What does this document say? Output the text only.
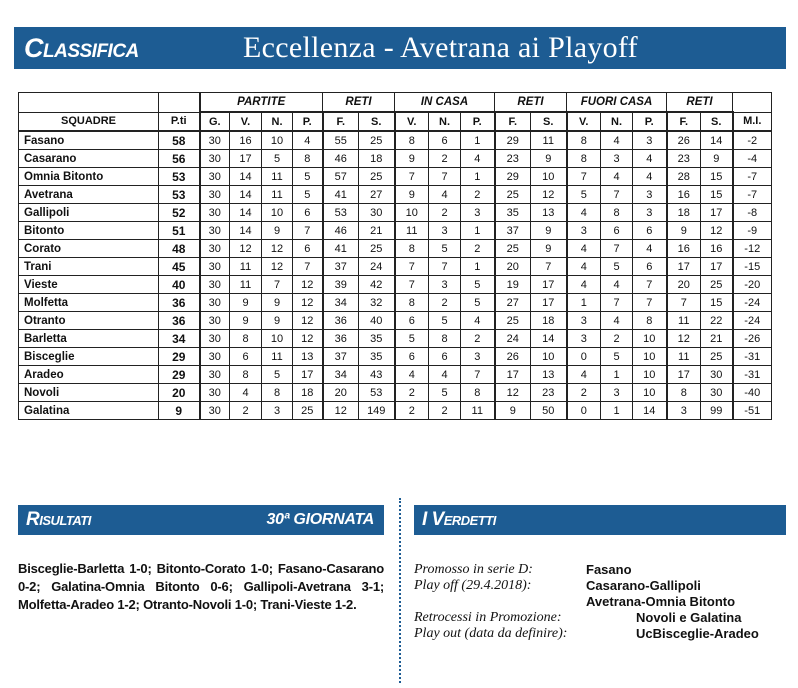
Classifica	Eccellenza - Avetrana ai Playoff
		PARTITE				RETI		IN CASA			RETI		FUORI CASA			RETI		
SQUADRE	P.ti	G.	V.	N.	P.	F.	S.	V.	N.	P.	F.	S.	V.	N.	P.	F.	S.	M.I.
Fasano	58	30	16	10	4	55	25	8	6	1	29	11	8	4	3	26	14	-2
Casarano	56	30	17	5	8	46	18	9	2	4	23	9	8	3	4	23	9	-4
Omnia Bitonto	53	30	14	11	5	57	25	7	7	1	29	10	7	4	4	28	15	-7
Avetrana	53	30	14	11	5	41	27	9	4	2	25	12	5	7	3	16	15	-7
Gallipoli	52	30	14	10	6	53	30	10	2	3	35	13	4	8	3	18	17	-8
Bitonto	51	30	14	9	7	46	21	11	3	1	37	9	3	6	6	9	12	-9
Corato	48	30	12	12	6	41	25	8	5	2	25	9	4	7	4	16	16	-12
Trani	45	30	11	12	7	37	24	7	7	1	20	7	4	5	6	17	17	-15
Vieste	40	30	11	7	12	39	42	7	3	5	19	17	4	4	7	20	25	-20
Molfetta	36	30	9	9	12	34	32	8	2	5	27	17	1	7	7	7	15	-24
Otranto	36	30	9	9	12	36	40	6	5	4	25	18	3	4	8	11	22	-24
Barletta	34	30	8	10	12	36	35	5	8	2	24	14	3	2	10	12	21	-26
Bisceglie	29	30	6	11	13	37	35	6	6	3	26	10	0	5	10	11	25	-31
Aradeo	29	30	8	5	17	34	43	4	4	7	17	13	4	1	10	17	30	-31
Novoli	20	30	4	8	18	20	53	2	5	8	12	23	2	3	10	8	30	-40
Galatina	9	30	2	3	25	12	149	2	2	11	9	50	0	1	14	3	99	-51
Risultati	30ª GIORNATA	I Verdetti
Bisceglie-Barletta 1-0; Bitonto-Corato 1-0; Fasano-Casarano 0-2; Galatina-Omnia Bitonto 0-6; Gallipoli-Avetrana 3-1; Molfetta-Aradeo 1-2; Otranto-Novoli 1-0; Trani-Vieste 1-2.
Promosso in serie D:	Fasano
Play off (29.4.2018):	Casarano-Gallipoli
Avetrana-Omnia Bitonto
Retrocessi in Promozione:	Novoli e Galatina
Play out (data da definire):	UcBisceglie-Aradeo
